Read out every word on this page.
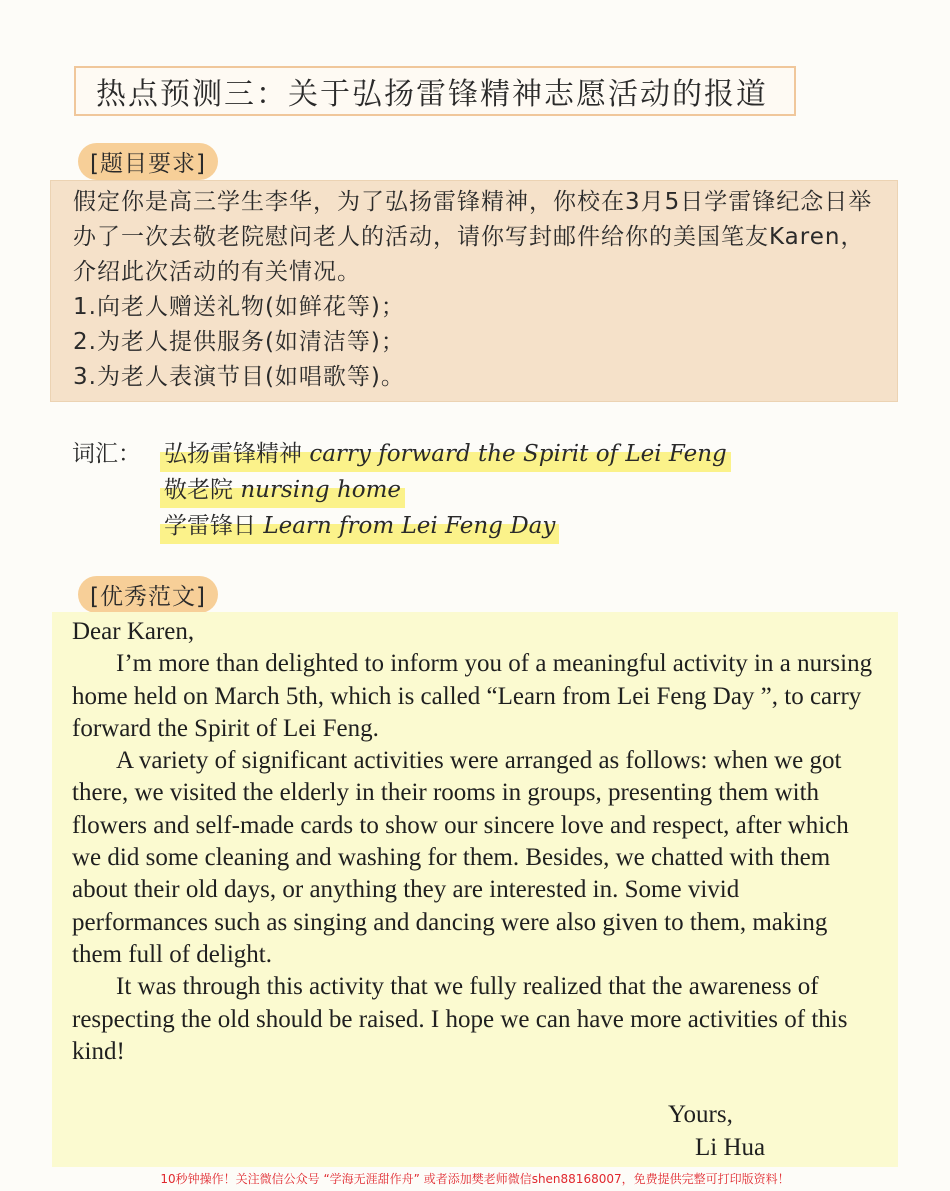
热点预测三：关于弘扬雷锋精神志愿活动的报道
[题目要求]

假定你是高三学生李华，为了弘扬雷锋精神，你校在3月5日学雷锋纪念日举办了一次去敬老院慰问老人的活动，请你写封邮件给你的美国笔友Karen，介绍此次活动的有关情况。

1.向老人赠送礼物(如鲜花等)；

2.为老人提供服务(如清洁等)；

3.为老人表演节目(如唱歌等)。

词汇：	弘扬雷锋精神 carry forward the Spirit of Lei Feng
敬老院 nursing home
学雷锋日 Learn from Lei Feng Day
[优秀范文]

Dear Karen,

I’m more than delighted to inform you of a meaningful activity in a nursing home held on March 5th, which is called “Learn from Lei Feng Day ”, to carry forward the Spirit of Lei Feng.

A variety of significant activities were arranged as follows: when we got there, we visited the elderly in their rooms in groups, presenting them with flowers and self-made cards to show our sincere love and respect, after which we did some cleaning and washing for them. Besides, we chatted with them about their old days, or anything they are interested in. Some vivid performances such as singing and dancing were also given to them, making them full of delight.

It was through this activity that we fully realized that the awareness of respecting the old should be raised. I hope we can have more activities of this kind!

Yours,
Li Hua
10秒钟操作！关注微信公众号 “学海无涯甜作舟” 或者添加樊老师微信shen88168007，免费提供完整可打印版资料！
